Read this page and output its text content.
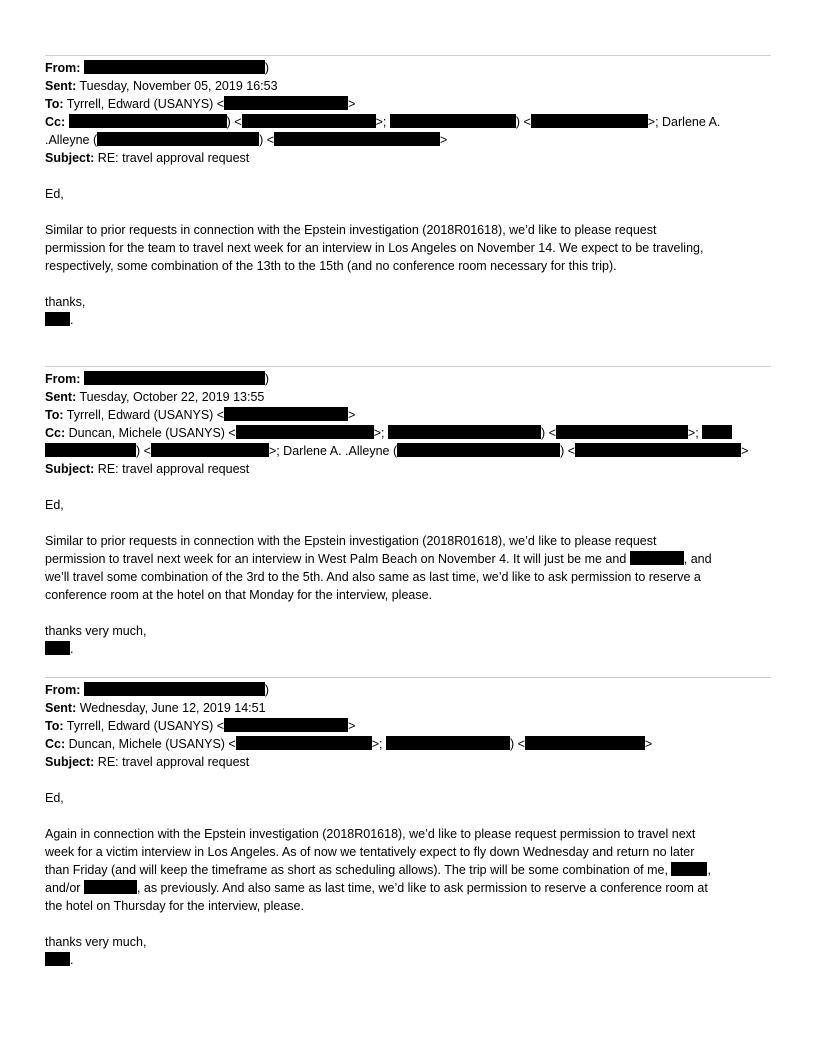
From:	)
Sent: Tuesday, November 05, 2019 16:53
To: Tyrrell, Edward (USANYS) <	>
Cc:	) <	>;	) <	>; Darlene A.
.Alleyne (	) <	>
Subject: RE: travel approval request
Ed,
Similar to prior requests in connection with the Epstein investigation (2018R01618), we’d like to please request
permission for the team to travel next week for an interview in Los Angeles on November 14. We expect to be traveling,
respectively, some combination of the 13th to the 15th (and no conference room necessary for this trip).
thanks,
.
From:	)
Sent: Tuesday, October 22, 2019 13:55
To: Tyrrell, Edward (USANYS) <	>
Cc: Duncan, Michele (USANYS) <	>;	) <	>;
) <	>; Darlene A. .Alleyne (	) <	>
Subject: RE: travel approval request
Ed,
Similar to prior requests in connection with the Epstein investigation (2018R01618), we’d like to please request
permission to travel next week for an interview in West Palm Beach on November 4. It will just be me and	, and
we’ll travel some combination of the 3rd to the 5th. And also same as last time, we’d like to ask permission to reserve a
conference room at the hotel on that Monday for the interview, please.
thanks very much,
.
From:	)
Sent: Wednesday, June 12, 2019 14:51
To: Tyrrell, Edward (USANYS) <	>
Cc: Duncan, Michele (USANYS) <	>;	) <	>
Subject: RE: travel approval request
Ed,
Again in connection with the Epstein investigation (2018R01618), we’d like to please request permission to travel next
week for a victim interview in Los Angeles. As of now we tentatively expect to fly down Wednesday and return no later
than Friday (and will keep the timeframe as short as scheduling allows). The trip will be some combination of me,	,
and/or	, as previously. And also same as last time, we’d like to ask permission to reserve a conference room at
the hotel on Thursday for the interview, please.
thanks very much,
.
